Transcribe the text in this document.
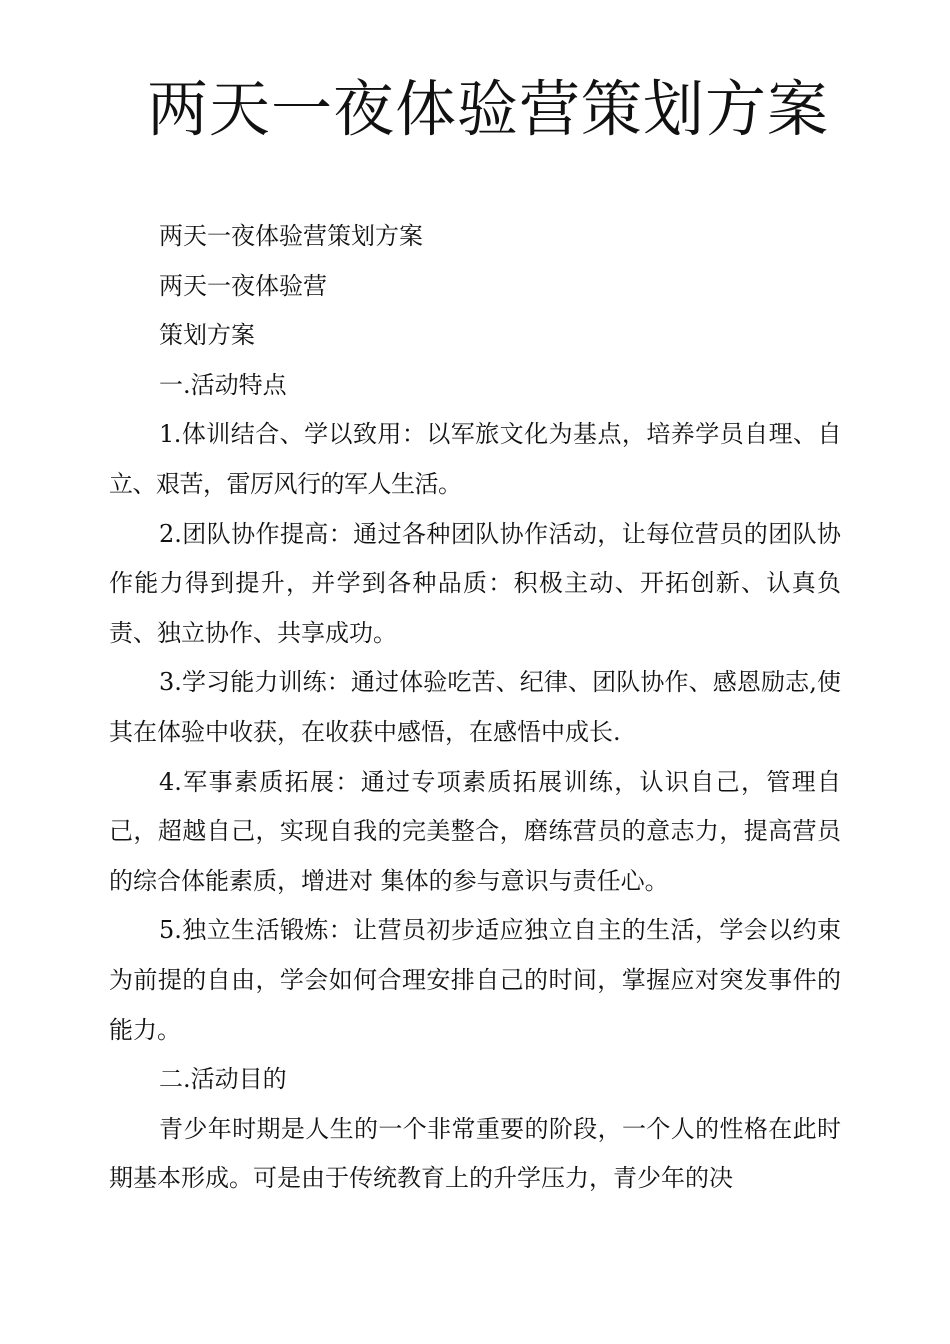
两天一夜体验营策划方案

两天一夜体验营策划方案

两天一夜体验营

策划方案

一.活动特点

1.体训结合、学以致用：以军旅文化为基点，培养学员自理、自立、艰苦，雷厉风行的军人生活。

2.团队协作提高：通过各种团队协作活动，让每位营员的团队协作能力得到提升，并学到各种品质：积极主动、开拓创新、认真负责、独立协作、共享成功。

3.学习能力训练：通过体验吃苦、纪律、团队协作、感恩励志,使其在体验中收获，在收获中感悟，在感悟中成长.

4.军事素质拓展：通过专项素质拓展训练，认识自己，管理自己，超越自己，实现自我的完美整合，磨练营员的意志力，提高营员的综合体能素质，增进对 集体的参与意识与责任心。

5.独立生活锻炼：让营员初步适应独立自主的生活，学会以约束为前提的自由，学会如何合理安排自己的时间，掌握应对突发事件的能力。

二.活动目的

青少年时期是人生的一个非常重要的阶段，一个人的性格在此时期基本形成。可是由于传统教育上的升学压力，青少年的决
